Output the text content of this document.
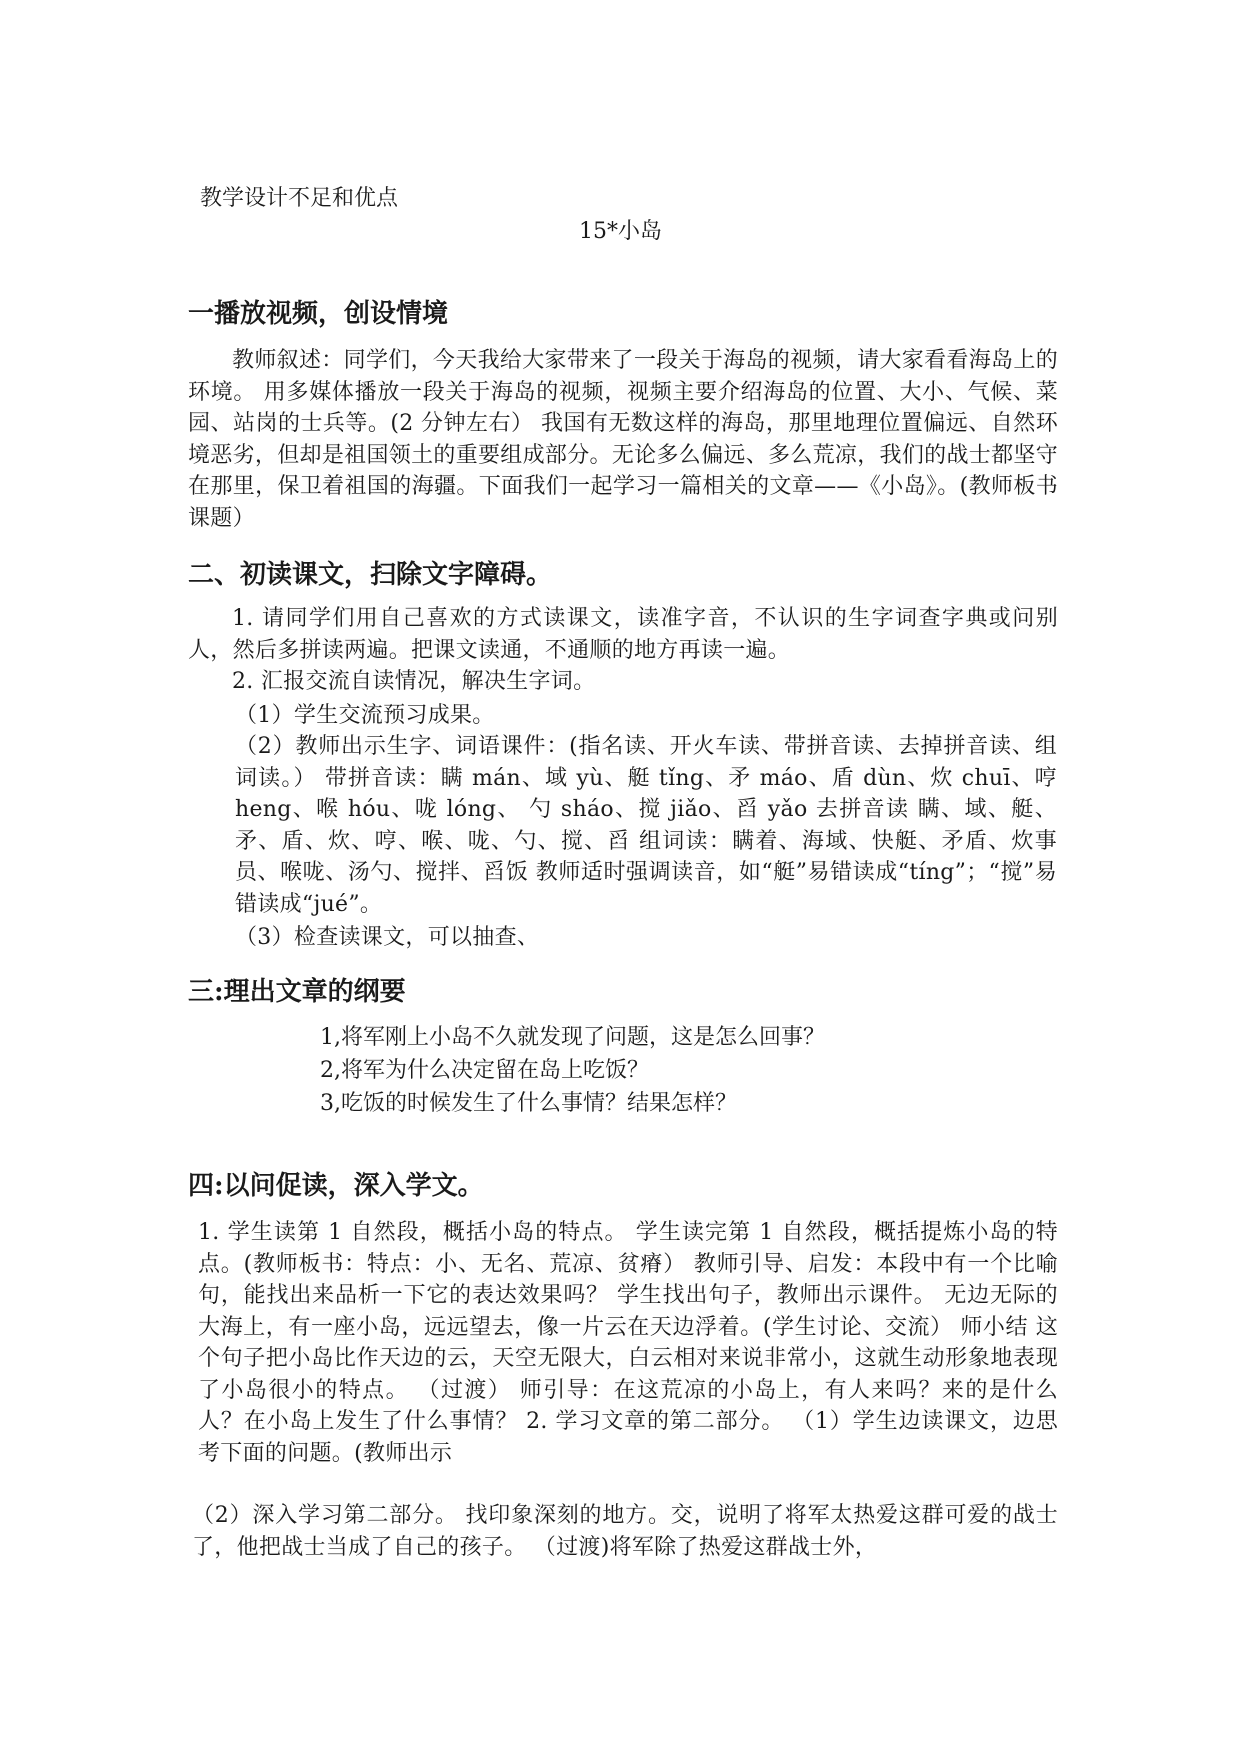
教学设计不足和优点
15*小岛
一播放视频，创设情境
教师叙述：同学们，今天我给大家带来了一段关于海岛的视频，请大家看看海岛上的环境。 用多媒体播放一段关于海岛的视频，视频主要介绍海岛的位置、大小、气候、菜园、站岗的士兵等。(2 分钟左右） 我国有无数这样的海岛，那里地理位置偏远、自然环境恶劣，但却是祖国领土的重要组成部分。无论多么偏远、多么荒凉，我们的战士都坚守在那里，保卫着祖国的海疆。下面我们一起学习一篇相关的文章——《小岛》。(教师板书课题）
二、初读课文，扫除文字障碍。
1. 请同学们用自己喜欢的方式读课文，读准字音，不认识的生字词查字典或问别人，然后多拼读两遍。把课文读通，不通顺的地方再读一遍。
2. 汇报交流自读情况，解决生字词。
（1）学生交流预习成果。
（2）教师出示生字、词语课件：(指名读、开火车读、带拼音读、去掉拼音读、组词读。） 带拼音读：瞒 mán、域 yù、艇 tǐng、矛 máo、盾 dùn、炊 chuī、哼 heng、喉 hóu、咙 lóng、 勺 sháo、搅 jiǎo、舀 yǎo 去拼音读 瞒、域、艇、矛、盾、炊、哼、喉、咙、勺、搅、舀 组词读：瞒着、海域、快艇、矛盾、炊事员、喉咙、汤勺、搅拌、舀饭 教师适时强调读音，如“艇”易错读成“tíng”；“搅”易错读成“jué”。
（3）检查读课文，可以抽查、
三:理出文章的纲要
1,将军刚上小岛不久就发现了问题，这是怎么回事？
2,将军为什么决定留在岛上吃饭？
3,吃饭的时候发生了什么事情？结果怎样？
四:以问促读，深入学文。
1. 学生读第 1 自然段，概括小岛的特点。 学生读完第 1 自然段，概括提炼小岛的特点。(教师板书：特点：小、无名、荒凉、贫瘠） 教师引导、启发：本段中有一个比喻句，能找出来品析一下它的表达效果吗？ 学生找出句子，教师出示课件。 无边无际的大海上，有一座小岛，远远望去，像一片云在天边浮着。(学生讨论、交流） 师小结 这个句子把小岛比作天边的云，天空无限大，白云相对来说非常小，这就生动形象地表现了小岛很小的特点。 （过渡） 师引导：在这荒凉的小岛上，有人来吗？来的是什么人？在小岛上发生了什么事情？ 2. 学习文章的第二部分。 （1）学生边读课文，边思考下面的问题。(教师出示
（2）深入学习第二部分。 找印象深刻的地方。交，说明了将军太热爱这群可爱的战士了，他把战士当成了自己的孩子。 （过渡)将军除了热爱这群战士外，
